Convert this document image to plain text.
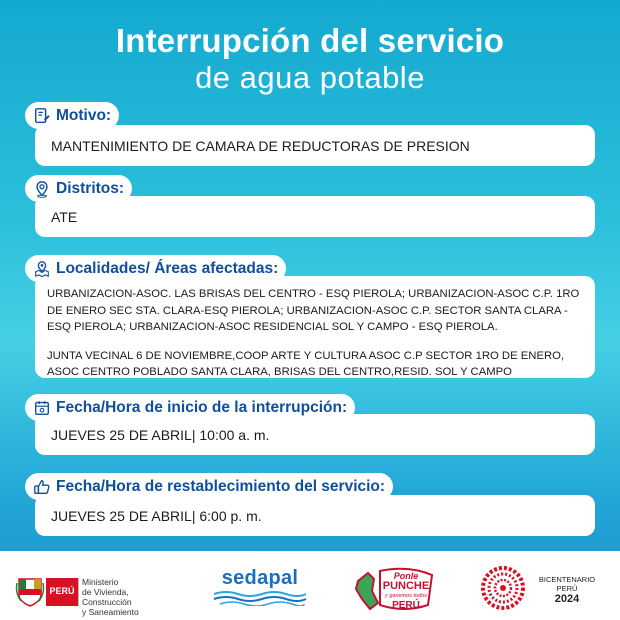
Interrupción del servicio
de agua potable
Motivo:
MANTENIMIENTO DE CAMARA DE REDUCTORAS DE PRESION
Distritos:
ATE
Localidades/ Áreas afectadas:

URBANIZACION-ASOC. LAS BRISAS DEL CENTRO - ESQ PIEROLA; URBANIZACION-ASOC C.P. 1RO DE ENERO SEC STA. CLARA-ESQ PIEROLA; URBANIZACION-ASOC C.P. SECTOR SANTA CLARA - ESQ PIEROLA; URBANIZACION-ASOC RESIDENCIAL SOL Y CAMPO - ESQ PIEROLA.

JUNTA VECINAL 6 DE NOVIEMBRE,COOP ARTE Y CULTURA ASOC C.P SECTOR 1RO DE ENERO, ASOC CENTRO POBLADO SANTA CLARA, BRISAS DEL CENTRO,RESID. SOL Y CAMPO

Fecha/Hora de inicio de la interrupción:
JUEVES 25 DE ABRIL| 10:00 a. m.
Fecha/Hora de restablecimiento del servicio:
JUEVES 25 DE ABRIL| 6:00 p. m.
PERÚ
Ministerio
de Vivienda, Construcción
y Saneamiento
sedapal	Ponle
PUNCHE
y ganemos todos
PERÚ
BICENTENARIO
PERÚ
2024
